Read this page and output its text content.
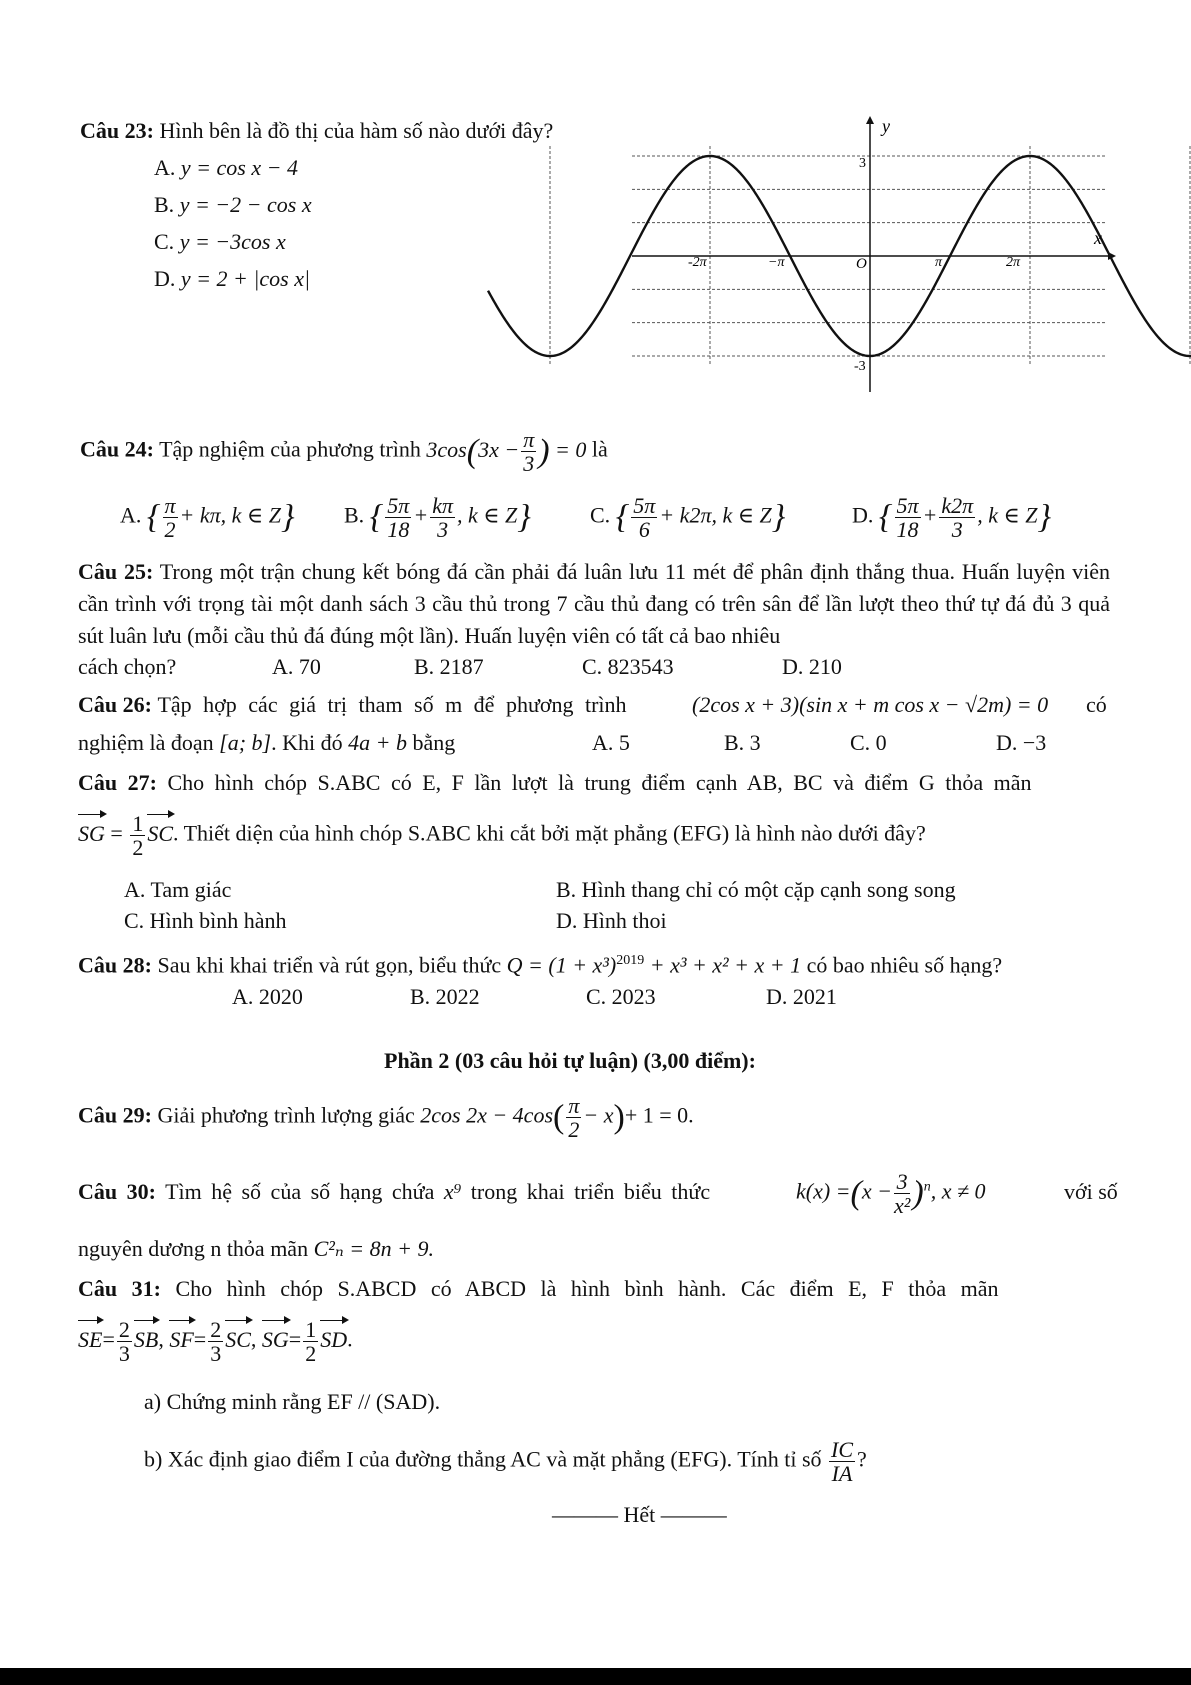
Câu 23: Hình bên là đồ thị của hàm số nào dưới đây?
A. y = cos x − 4
B. y = −2 − cos x
C. y = −3cos x
D. y = 2 + |cos x|
y
x
3
-3
-2π	−π	O	π	2π
Câu 24: Tập nghiệm của phương trình $3\cos(3x - \frac{\pi}{3}$ ) = 0 là
A. { $\frac{\pi}{2} + k\pi$, k ∈ Z} B. { $\frac{5\pi}{18} + \frac{k\pi}{3}$ , k ∈ Z}	C. { $\frac{5\pi}{6} + k2\pi$, k ∈ Z}	D. { $\frac{5\pi}{18} + \frac{k2\pi}{3}$ , k ∈ Z}
Câu 25: Trong một trận chung kết bóng đá cần phải đá luân lưu 11 mét để phân định thắng thua. Huấn luyện viên cần trình với trọng tài một danh sách 3 cầu thủ trong 7 cầu thủ đang có trên sân để lần lượt theo thứ tự đá đủ 3 quả sút luân lưu (mỗi cầu thủ đá đúng một lần). Huấn luyện viên có tất cả bao nhiêu
cách chọn?	A. 70	B. 2187	C. 823543	D. 210
Câu 26: Tập hợp các giá trị tham số m để phương trình	(2cos x + 3)(sin x + m cos x − √2m) = 0 có
nghiệm là đoạn [a; b]. Khi đó 4a + b bằng	A. 5	B. 3	C. 0	D. −3
Câu 27: Cho hình chóp S.ABC có E, F lần lượt là trung điểm cạnh AB, BC và điểm G thỏa mãn
SG = $\frac{1}{2}$ SC. Thiết diện của hình chóp S.ABC khi cắt bởi mặt phẳng (EFG) là hình nào dưới đây?
A. Tam giác	B. Hình thang chỉ có một cặp cạnh song song
C. Hình bình hành	D. Hình thoi
Câu 28: Sau khi khai triển và rút gọn, biểu thức $Q = (1 + x^3)^{2019} + x^3 + x^2 + x + 1$ có bao nhiêu số hạng?
A. 2020	B. 2022	C. 2023	D. 2021
Phần 2 (03 câu hỏi tự luận) (3,00 điểm):
Câu 29: Giải phương trình lượng giác 2cos $2x - 4\cos( \frac{\pi}{2} - x)+ 1 = 0$.
Câu 30: Tìm hệ số của số hạng chứa x⁹ trong khai triển biểu thức	$k(x) =(x - \frac{3}{\text{x²}} )^n$, x ≠ 0	với số
nguyên dương n thỏa mãn C²ₙ = 8n + 9.
Câu 31: Cho hình chóp S.ABCD có ABCD là hình bình hành. Các điểm E, F thỏa mãn
$SE= \frac{2}{3}$ SB, $SF= \frac{2}{3}$ SC, $SG= \frac{1}{2}$ SD.
a) Chứng minh rằng EF // (SAD).
b) Xác định giao điểm I của đường thẳng AC và mặt phẳng (EFG). Tính tỉ số $\frac{IC}{IA}$ ?
——— Hết ———
